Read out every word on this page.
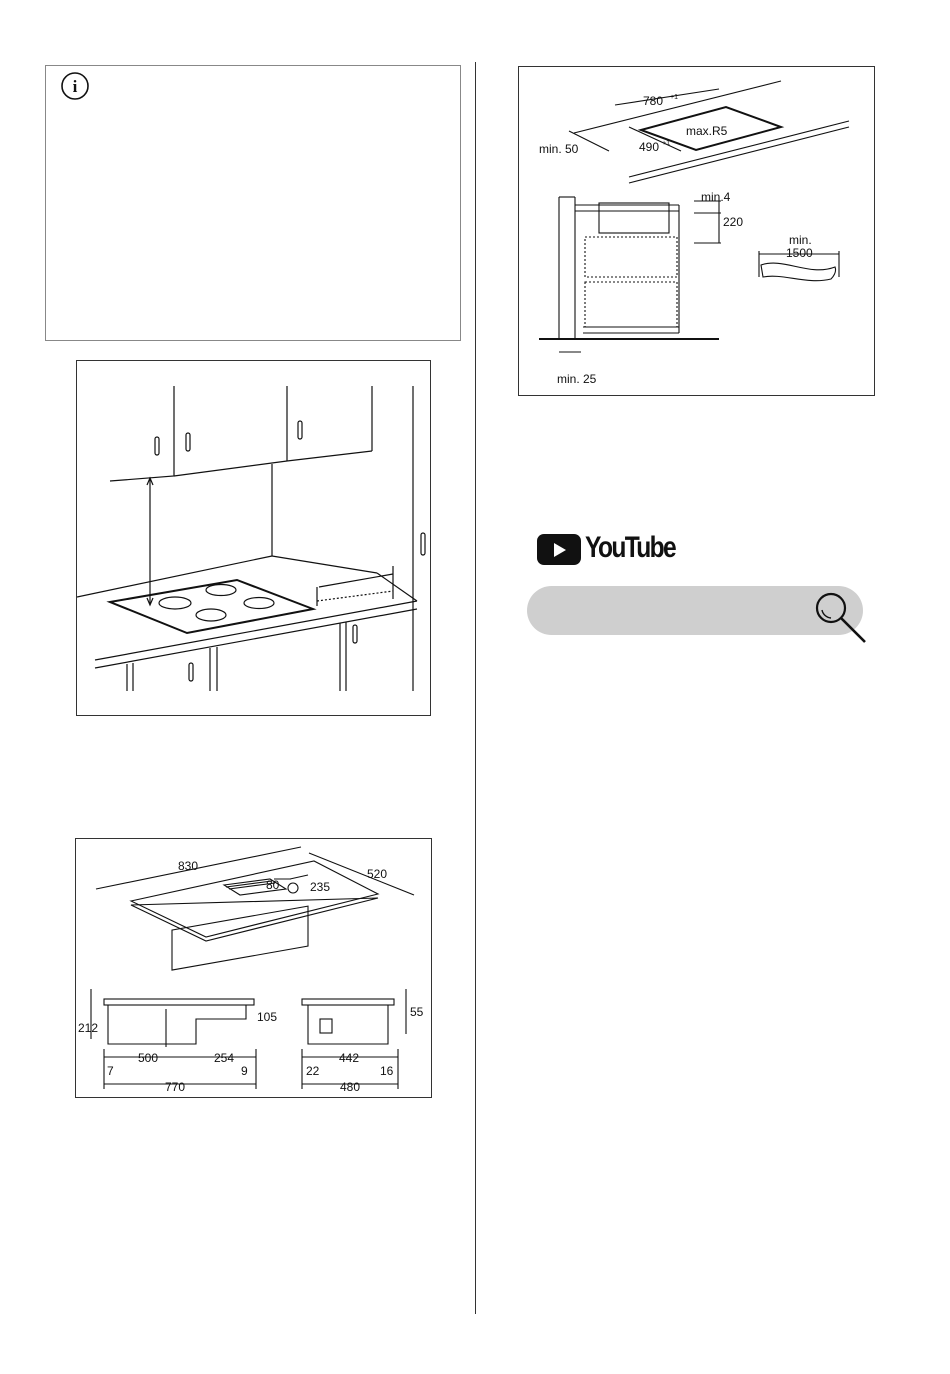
i
830
520
80	235
212
105
500	254
7	9
770
55
442
22	16
480
780 +1
max.R5
min. 50	490 +1
min.4
220
min.
1500
min. 25
YouTube
